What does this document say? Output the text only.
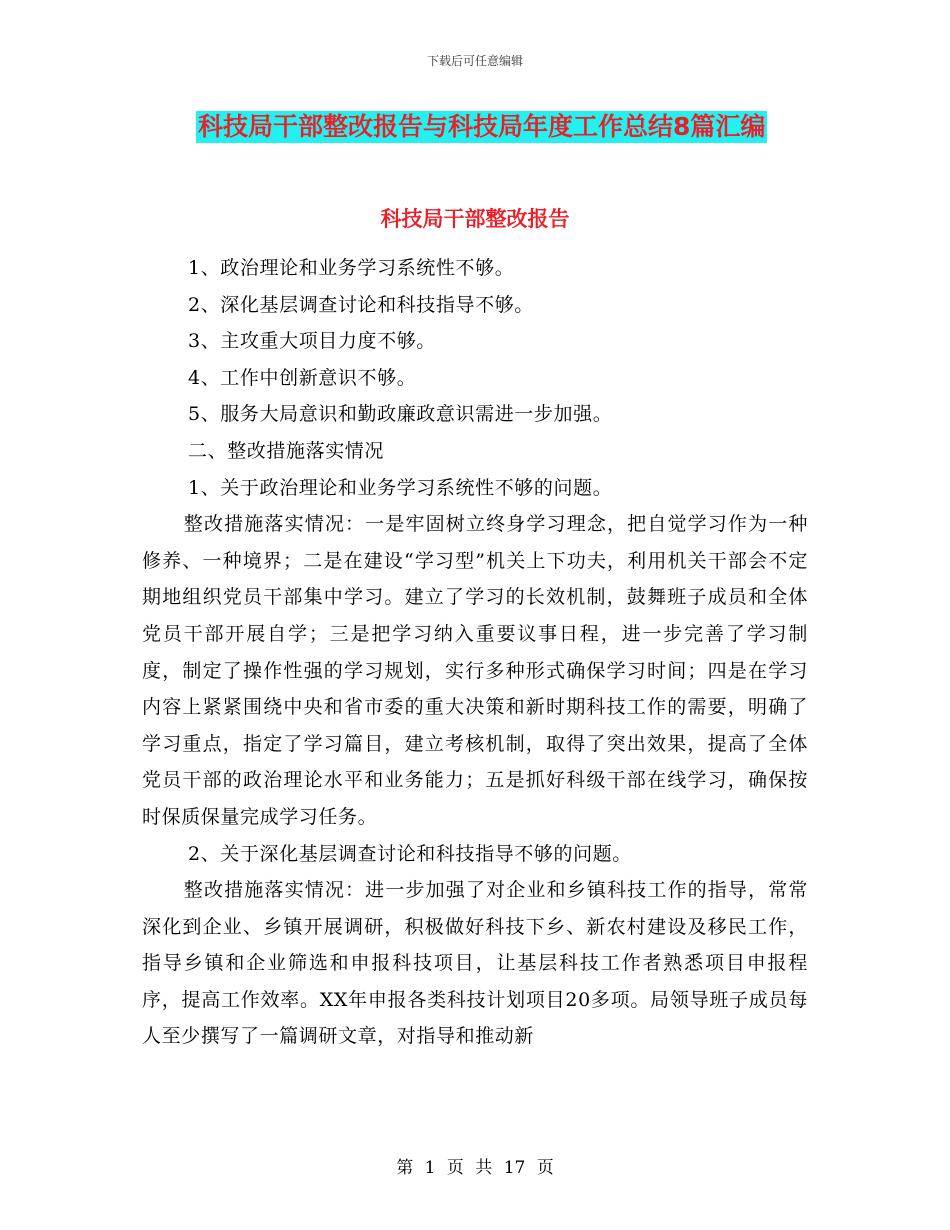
下载后可任意编辑
科技局干部整改报告与科技局年度工作总结8篇汇编
科技局干部整改报告

1、政治理论和业务学习系统性不够。

2、深化基层调查讨论和科技指导不够。

3、主攻重大项目力度不够。

4、工作中创新意识不够。

5、服务大局意识和勤政廉政意识需进一步加强。

二、整改措施落实情况

1、关于政治理论和业务学习系统性不够的问题。

整改措施落实情况：一是牢固树立终身学习理念，把自觉学习作为一种修养、一种境界；二是在建设“学习型”机关上下功夫，利用机关干部会不定期地组织党员干部集中学习。建立了学习的长效机制，鼓舞班子成员和全体党员干部开展自学；三是把学习纳入重要议事日程，进一步完善了学习制度，制定了操作性强的学习规划，实行多种形式确保学习时间；四是在学习内容上紧紧围绕中央和省市委的重大决策和新时期科技工作的需要，明确了学习重点，指定了学习篇目，建立考核机制，取得了突出效果，提高了全体党员干部的政治理论水平和业务能力；五是抓好科级干部在线学习，确保按时保质保量完成学习任务。

2、关于深化基层调查讨论和科技指导不够的问题。

整改措施落实情况：进一步加强了对企业和乡镇科技工作的指导，常常深化到企业、乡镇开展调研，积极做好科技下乡、新农村建设及移民工作，指导乡镇和企业筛选和申报科技项目，让基层科技工作者熟悉项目申报程序，提高工作效率。XX年申报各类科技计划项目20多项。局领导班子成员每人至少撰写了一篇调研文章，对指导和推动新

第 1 页 共 17 页
